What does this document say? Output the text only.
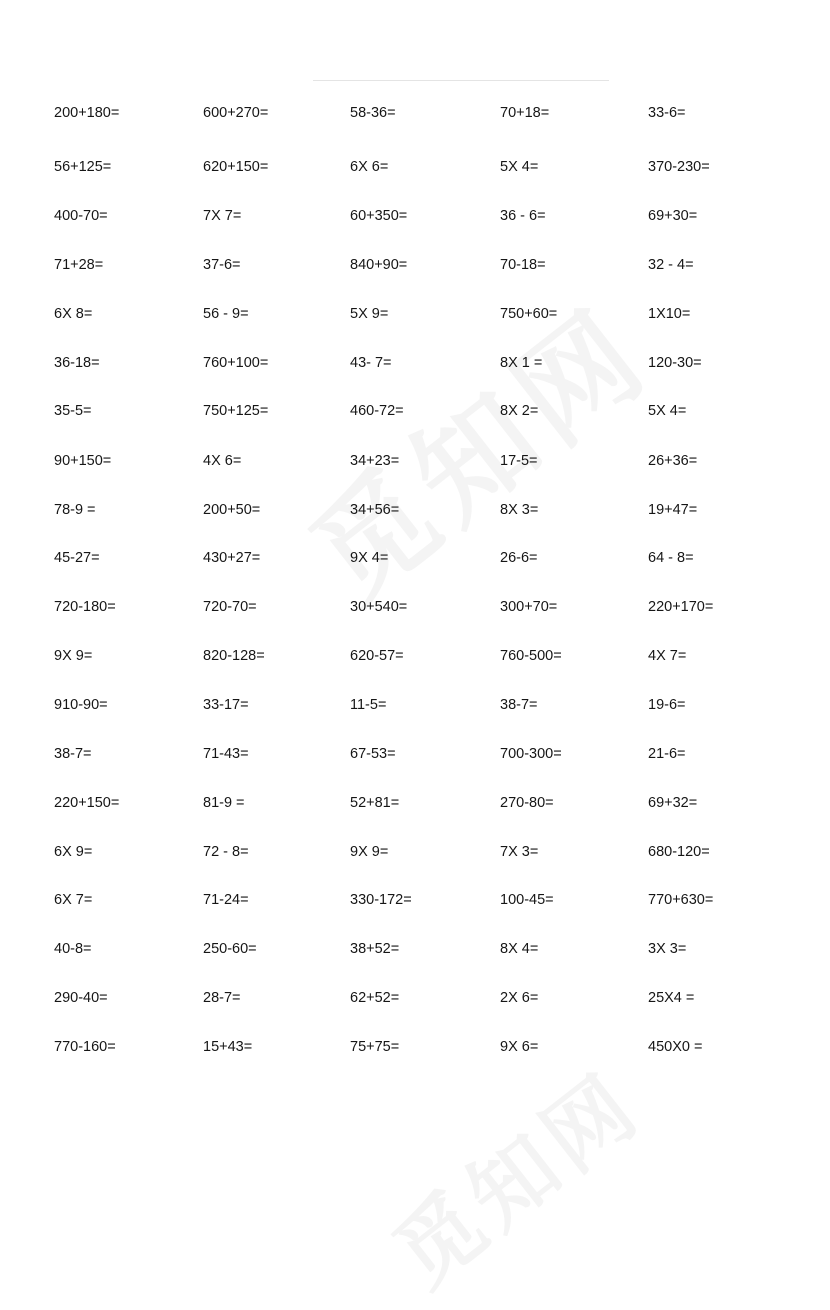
200+180=	600+270=	58-36=	70+18=	33-6=
56+125=	620+150=	6X 6=	5X 4=	370-230=
400-70=	7X 7=	60+350=	36 - 6=	69+30=
71+28=	37-6=	840+90=	70-18=	32 - 4=
6X 8=	56 - 9=	5X 9=	750+60=	1X10=
36-18=	760+100=	43- 7=	8X 1 =	120-30=
35-5=	750+125=	460-72=	8X 2=	5X 4=
90+150=	4X 6=	34+23=	17-5=	26+36=
78-9 =	200+50=	34+56=	8X 3=	19+47=
45-27=	430+27=	9X 4=	26-6=	64 - 8=
720-180=	720-70=	30+540=	300+70=	220+170=
9X 9=	820-128=	620-57=	760-500=	4X 7=
910-90=	33-17=	11-5=	38-7=	19-6=
38-7=	71-43=	67-53=	700-300=	21-6=
220+150=	81-9 =	52+81=	270-80=	69+32=
6X 9=	72 - 8=	9X 9=	7X 3=	680-120=
6X 7=	71-24=	330-172=	100-45=	770+630=
40-8=	250-60=	38+52=	8X 4=	3X 3=
290-40=	28-7=	62+52=	2X 6=	25X4 =
770-160=	15+43=	75+75=	9X 6=	450X0 =
